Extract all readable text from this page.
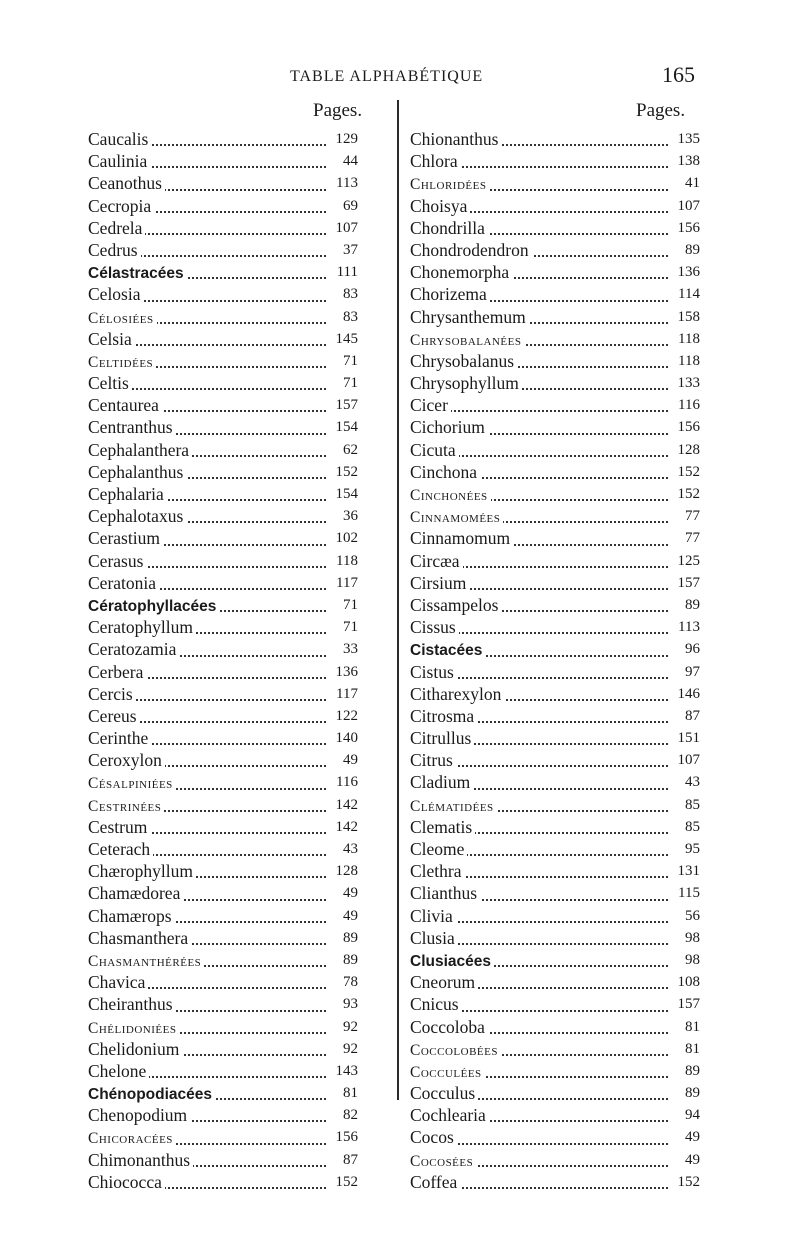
TABLE ALPHABÉTIQUE	165
Pages.	Pages.
Caucalis	129
Caulinia	44
Ceanothus	113
Cecropia	69
Cedrela	107
Cedrus	37
Célastracées	111
Celosia	83
Célosiées	83
Celsia	145
Celtidées	71
Celtis	71
Centaurea	157
Centranthus	154
Cephalanthera	62
Cephalanthus	152
Cephalaria	154
Cephalotaxus	36
Cerastium	102
Cerasus	118
Ceratonia	117
Cératophyllacées	71
Ceratophyllum	71
Ceratozamia	33
Cerbera	136
Cercis	117
Cereus	122
Cerinthe	140
Ceroxylon	49
Césalpiniées	116
Cestrinées	142
Cestrum	142
Ceterach	43
Chærophyllum	128
Chamædorea	49
Chamærops	49
Chasmanthera	89
Chasmanthérées	89
Chavica	78
Cheiranthus	93
Chélidoniées	92
Chelidonium	92
Chelone	143
Chénopodiacées	81
Chenopodium	82
Chicoracées	156
Chimonanthus	87
Chiococca	152
Chionanthus	135
Chlora	138
Chloridées	41
Choisya	107
Chondrilla	156
Chondrodendron	89
Chonemorpha	136
Chorizema	114
Chrysanthemum	158
Chrysobalanées	118
Chrysobalanus	118
Chrysophyllum	133
Cicer	116
Cichorium	156
Cicuta	128
Cinchona	152
Cinchonées	152
Cinnamomées	77
Cinnamomum	77
Circæa	125
Cirsium	157
Cissampelos	89
Cissus	113
Cistacées	96
Cistus	97
Citharexylon	146
Citrosma	87
Citrullus	151
Citrus	107
Cladium	43
Clématidées	85
Clematis	85
Cleome	95
Clethra	131
Clianthus	115
Clivia	56
Clusia	98
Clusiacées	98
Cneorum	108
Cnicus	157
Coccoloba	81
Coccolobées	81
Cocculées	89
Cocculus	89
Cochlearia	94
Cocos	49
Cocosées	49
Coffea	152
